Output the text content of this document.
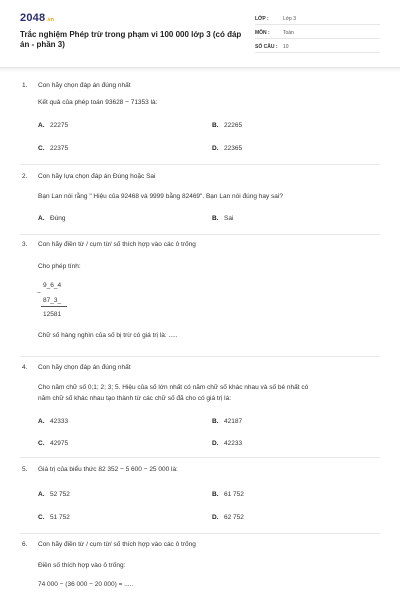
2048.vn
Trắc nghiệm Phép trừ trong phạm vi 100 000 lớp 3 (có đáp án - phần 3)
LỚP :	Lớp 3
MÔN :	Toán
SỐ CÂU :	10
1.	Con hãy chọn đáp án đúng nhất
Kết quả của phép toán 93628 − 71353 là:
A. 22275	B. 22265
C. 22375	D. 22365
2.	Con hãy lựa chọn đáp án Đúng hoặc Sai
Bạn Lan nói rằng " Hiệu của 92468 và 9999 bằng 82469". Bạn Lan nói đúng hay sai?
A. Đúng	B. Sai
3.	Con hãy điền từ / cụm từ/ số thích hợp vào các ô trống
Cho phép tính:
9_6_4
−
87_3_
12581
Chữ số hàng nghìn của số bị trừ có giá trị là: .....
4.	Con hãy chọn đáp án đúng nhất
Cho năm chữ số 0;1; 2; 3; 5. Hiệu của số lớn nhất có năm chữ số khác nhau và số bé nhất có
năm chữ số khác nhau tạo thành từ các chữ số đã cho có giá trị là:
A. 42333	B. 42187
C. 42975	D. 42233
5.	Giá trị của biểu thức 82 352 − 5 600 − 25 000 là:
A. 52 752	B. 61 752
C. 51 752	D. 62 752
6.	Con hãy điền từ / cụm từ/ số thích hợp vào các ô trống
Điền số thích hợp vào ô trống:
74 000 − (36 000 − 20 000) = .....
